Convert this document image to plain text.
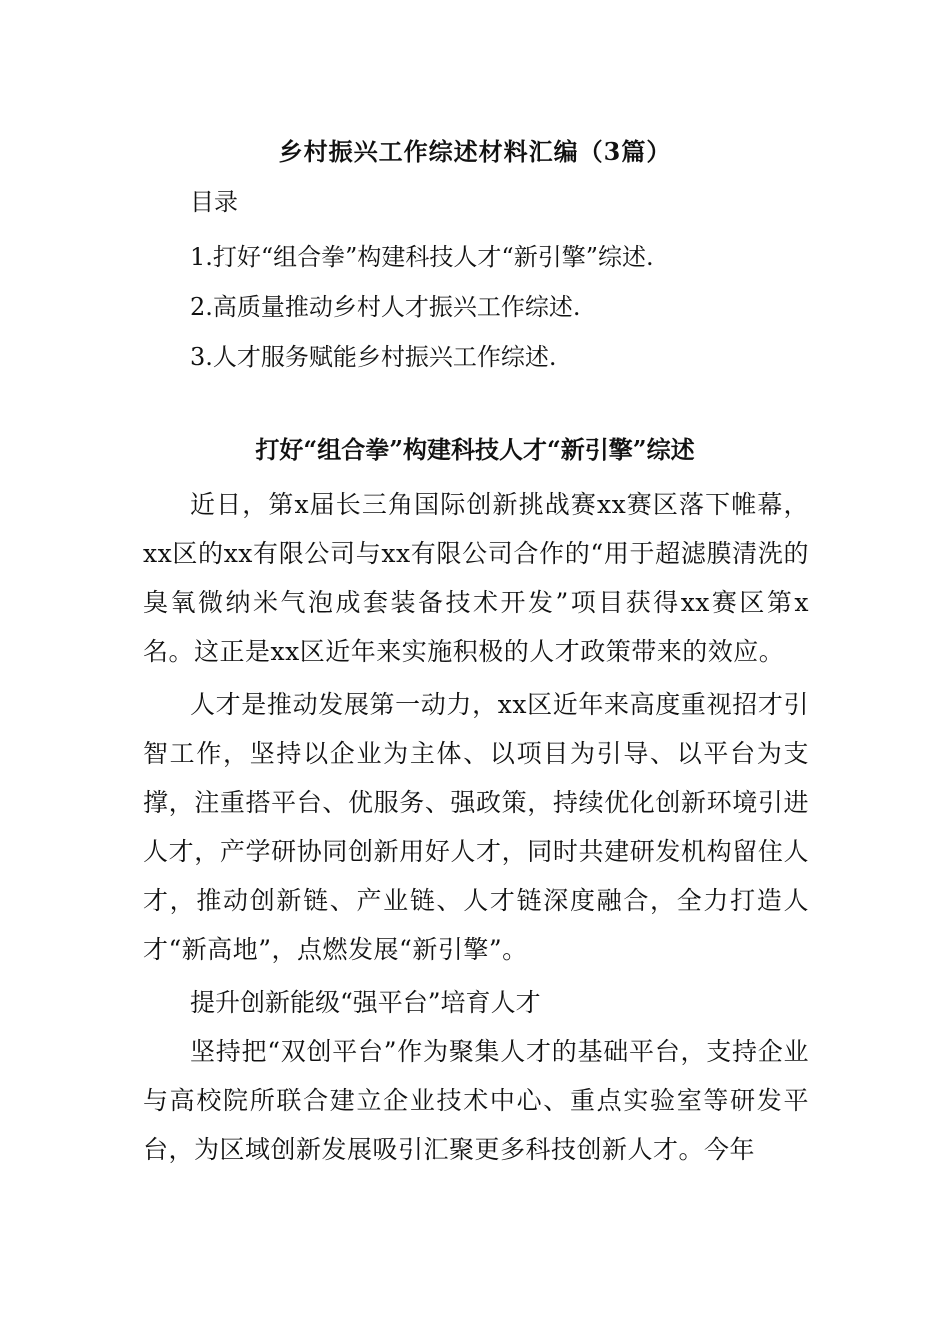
乡村振兴工作综述材料汇编（3篇）
目录
1.打好“组合拳”构建科技人才“新引擎”综述.
2.高质量推动乡村人才振兴工作综述.
3.人才服务赋能乡村振兴工作综述.
打好“组合拳”构建科技人才“新引擎”综述

近日，第x届长三角国际创新挑战赛xx赛区落下帷幕，xx区的xx有限公司与xx有限公司合作的“用于超滤膜清洗的臭氧微纳米气泡成套装备技术开发”项目获得xx赛区第x名。这正是xx区近年来实施积极的人才政策带来的效应。

人才是推动发展第一动力，xx区近年来高度重视招才引智工作，坚持以企业为主体、以项目为引导、以平台为支撑，注重搭平台、优服务、强政策，持续优化创新环境引进人才，产学研协同创新用好人才，同时共建研发机构留住人才，推动创新链、产业链、人才链深度融合，全力打造人才“新高地”，点燃发展“新引擎”。

提升创新能级“强平台”培育人才

坚持把“双创平台”作为聚集人才的基础平台，支持企业与高校院所联合建立企业技术中心、重点实验室等研发平台，为区域创新发展吸引汇聚更多科技创新人才。今年
